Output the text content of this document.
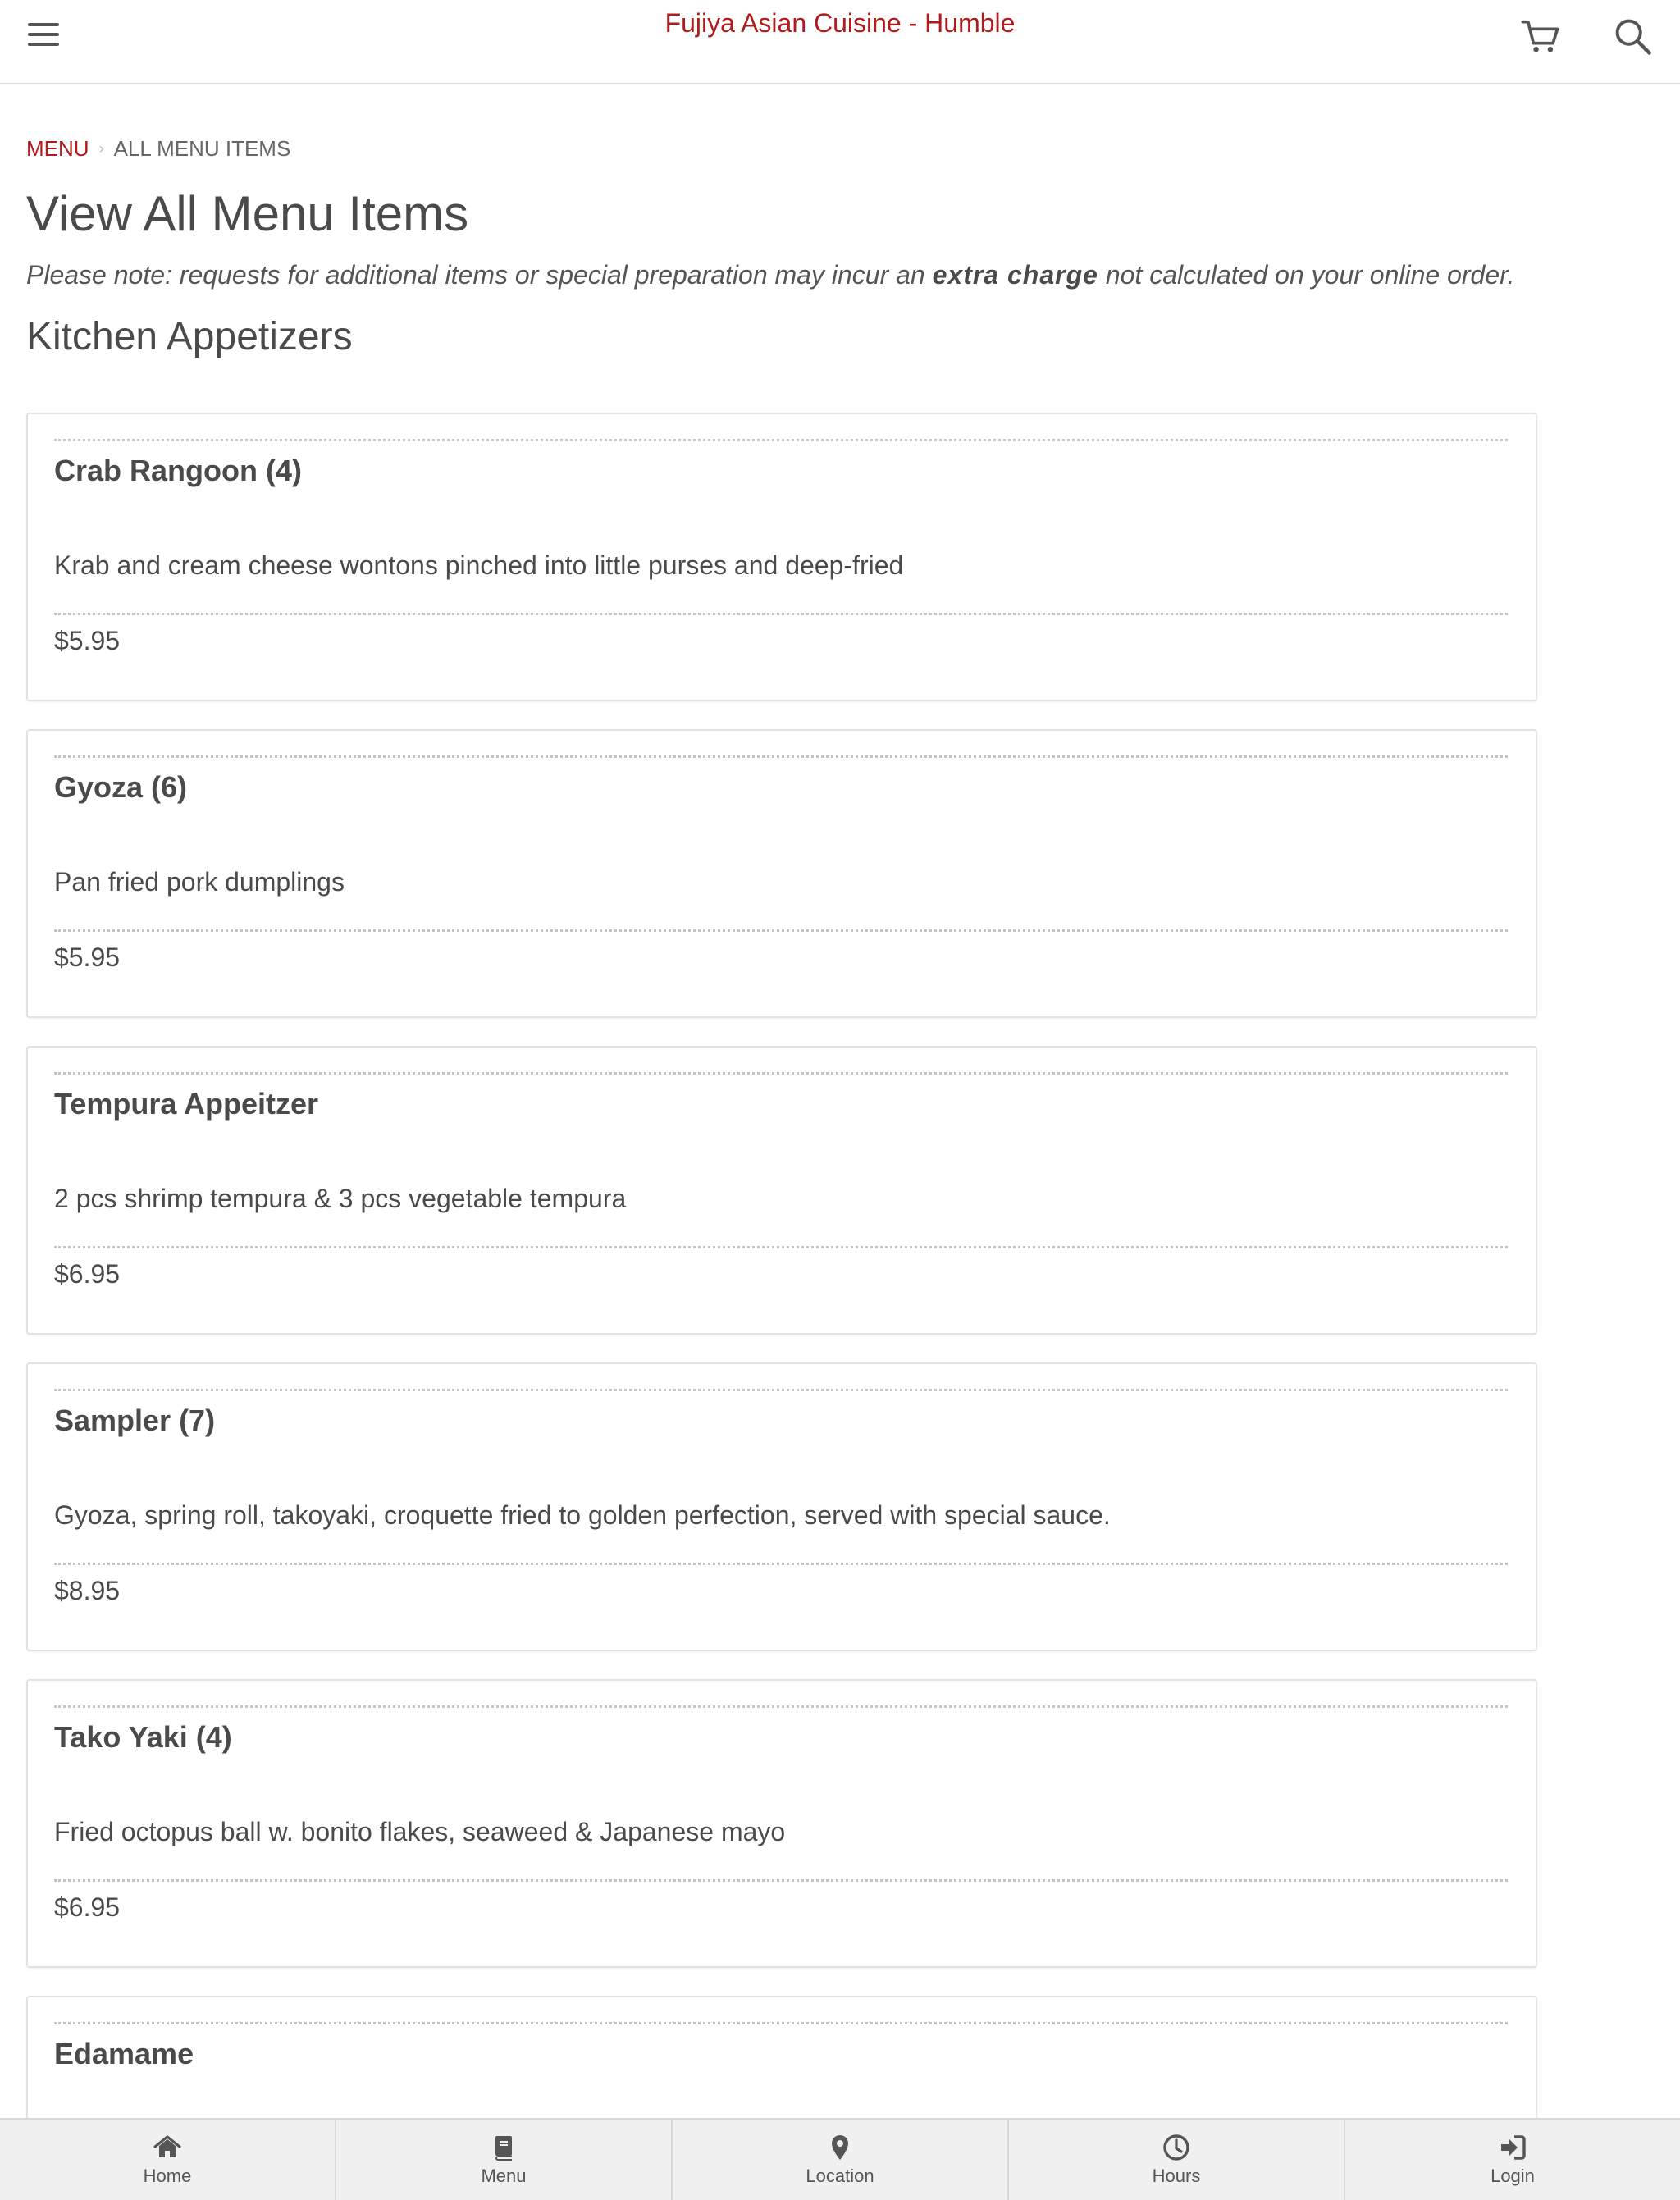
Fujiya Asian Cuisine - Humble
MENU › ALL MENU ITEMS
View All Menu Items

Please note: requests for additional items or special preparation may incur an extra charge not calculated on your online order.

Kitchen Appetizers
Crab Rangoon (4)
Krab and cream cheese wontons pinched into little purses and deep-fried
$5.95
Gyoza (6)
Pan fried pork dumplings
$5.95
Tempura Appeitzer
2 pcs shrimp tempura & 3 pcs vegetable tempura
$6.95
Sampler (7)
Gyoza, spring roll, takoyaki, croquette fried to golden perfection, served with special sauce.
$8.95
Tako Yaki (4)
Fried octopus ball w. bonito flakes, seaweed & Japanese mayo
$6.95
Edamame
Home	Menu	Location	Hours	Login
